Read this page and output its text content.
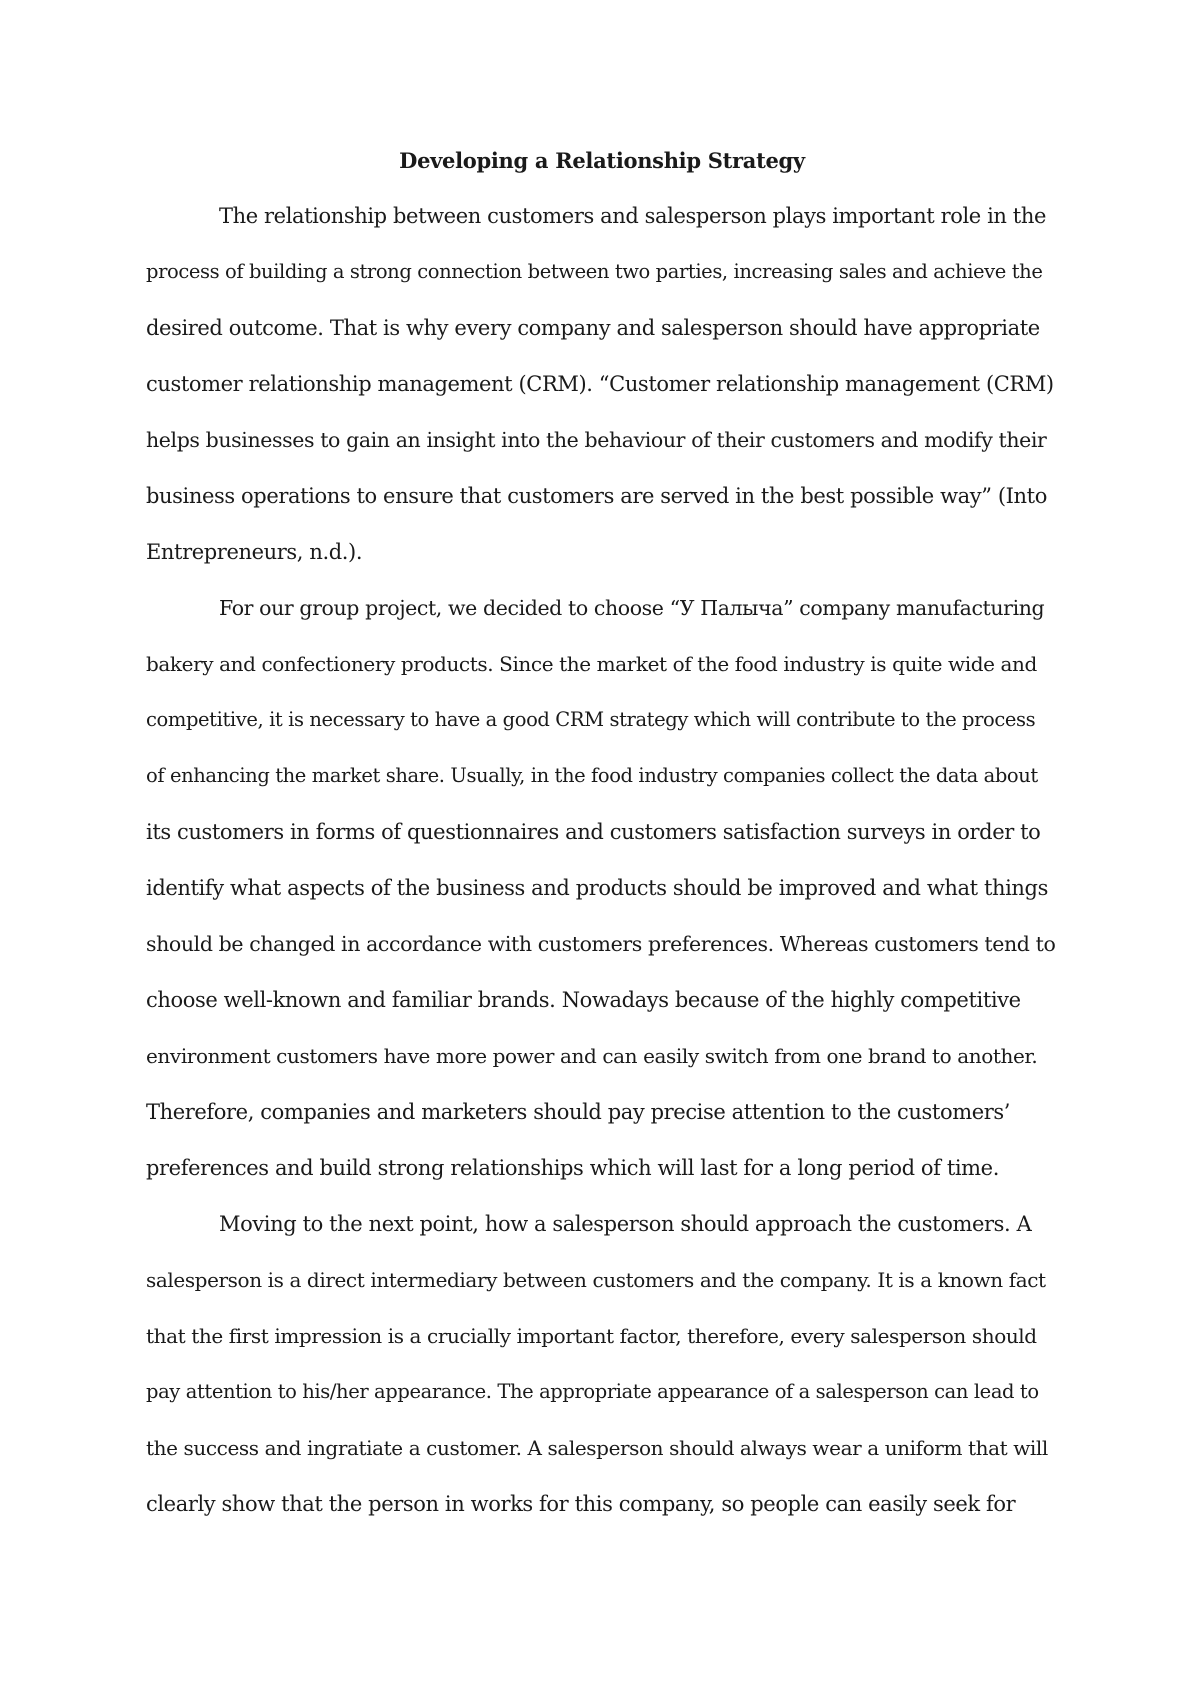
Developing a Relationship Strategy

The relationship between customers and salesperson plays important role in the

process of building a strong connection between two parties, increasing sales and achieve the

desired outcome. That is why every company and salesperson should have appropriate

customer relationship management (CRM). “Customer relationship management (CRM)

helps businesses to gain an insight into the behaviour of their customers and modify their

business operations to ensure that customers are served in the best possible way” (Into

Entrepreneurs, n.d.).

For our group project, we decided to choose “У Палыча” company manufacturing

bakery and confectionery products. Since the market of the food industry is quite wide and

competitive, it is necessary to have a good CRM strategy which will contribute to the process

of enhancing the market share. Usually, in the food industry companies collect the data about

its customers in forms of questionnaires and customers satisfaction surveys in order to

identify what aspects of the business and products should be improved and what things

should be changed in accordance with customers preferences. Whereas customers tend to

choose well-known and familiar brands. Nowadays because of the highly competitive

environment customers have more power and can easily switch from one brand to another.

Therefore, companies and marketers should pay precise attention to the customers’

preferences and build strong relationships which will last for a long period of time.

Moving to the next point, how a salesperson should approach the customers. A

salesperson is a direct intermediary between customers and the company. It is a known fact

that the first impression is a crucially important factor, therefore, every salesperson should

pay attention to his/her appearance. The appropriate appearance of a salesperson can lead to

the success and ingratiate a customer. A salesperson should always wear a uniform that will

clearly show that the person in works for this company, so people can easily seek for
